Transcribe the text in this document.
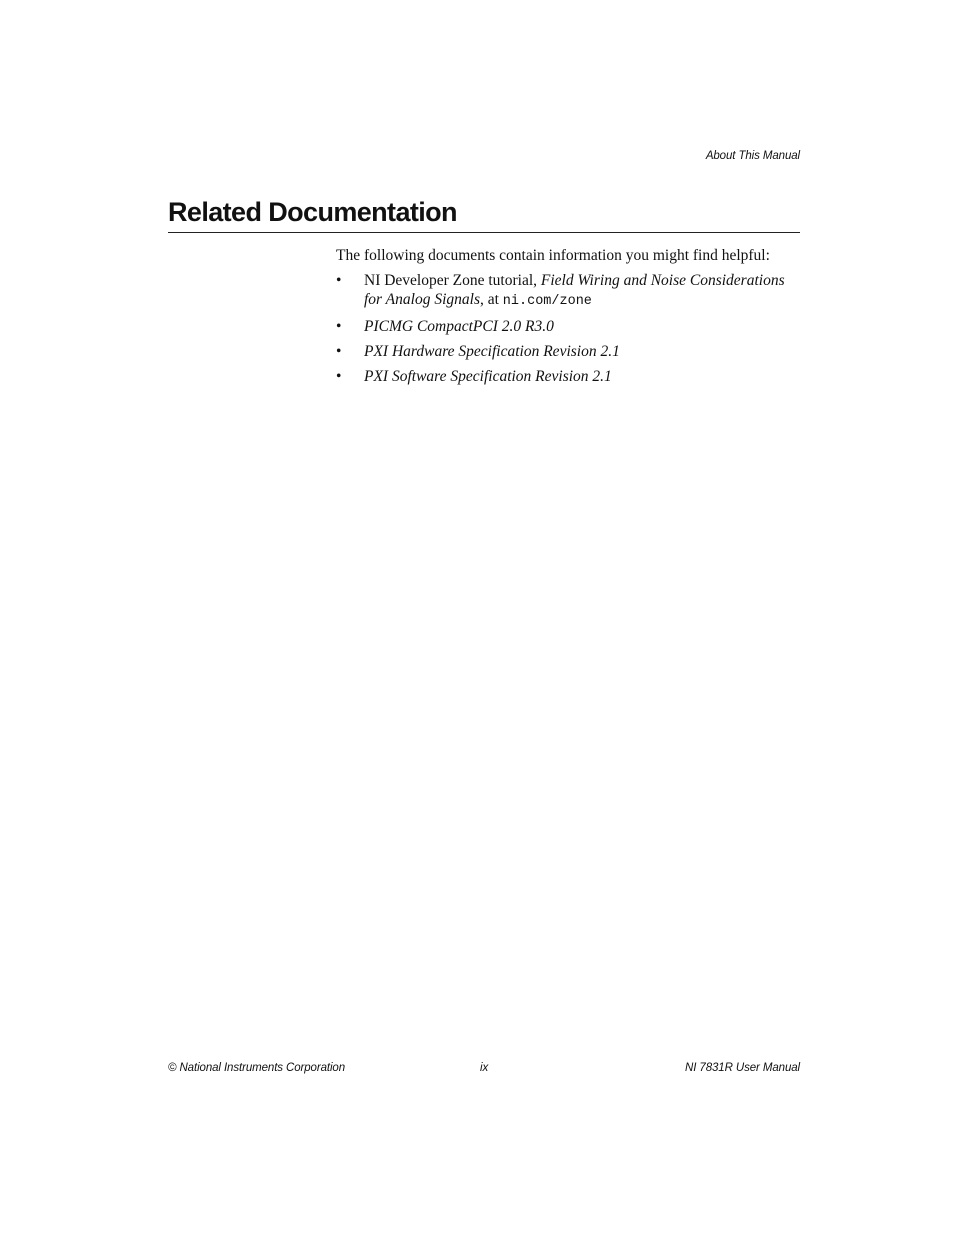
About This Manual
Related Documentation

The following documents contain information you might find helpful:

• NI Developer Zone tutorial, Field Wiring and Noise Considerations for Analog Signals, at ni.com/zone
• PICMG CompactPCI 2.0 R3.0
• PXI Hardware Specification Revision 2.1
• PXI Software Specification Revision 2.1
© National Instruments Corporation	ix	NI 7831R User Manual
